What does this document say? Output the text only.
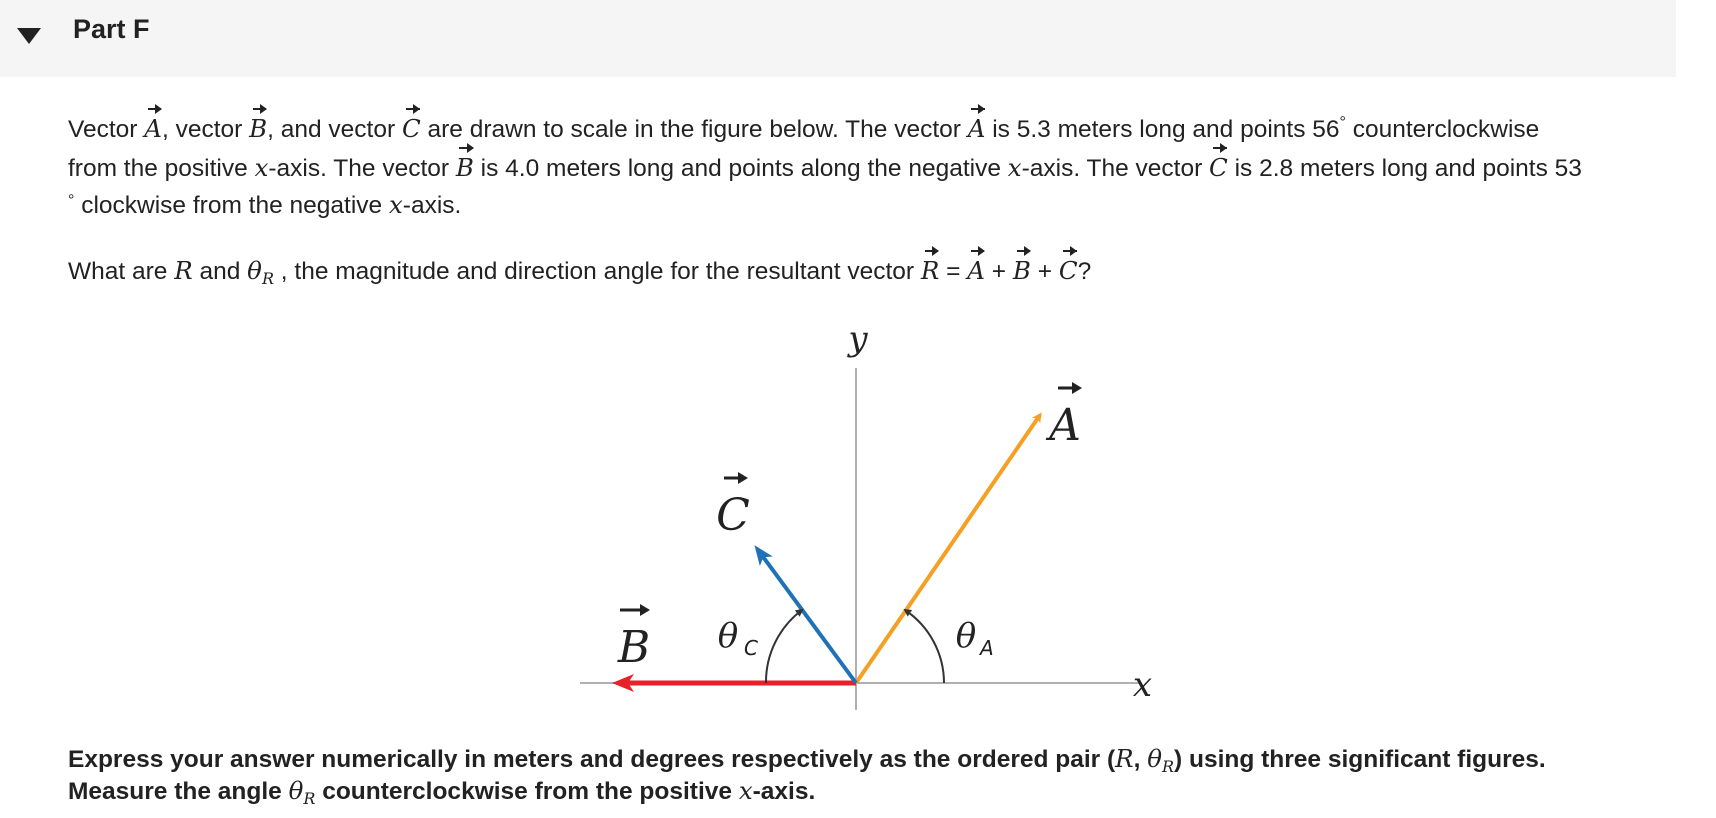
Part F
Vector A, vector B, and vector C are drawn to scale in the figure below. The vector A is 5.3 meters long and points 56° counterclockwise
from the positive x-axis. The vector B is 4.0 meters long and points along the negative x-axis. The vector C is 2.8 meters long and points 53
° clockwise from the negative x-axis.
What are R and $\theta_R$ , the magnitude and direction angle for the resultant vector R = A + B + C?
y
x
A
C
B θ C	θ A
Express your answer numerically in meters and degrees respectively as the ordered pair (R, $\theta_R$) using three significant figures.
Measure the angle $\theta_R$ counterclockwise from the positive x-axis.
